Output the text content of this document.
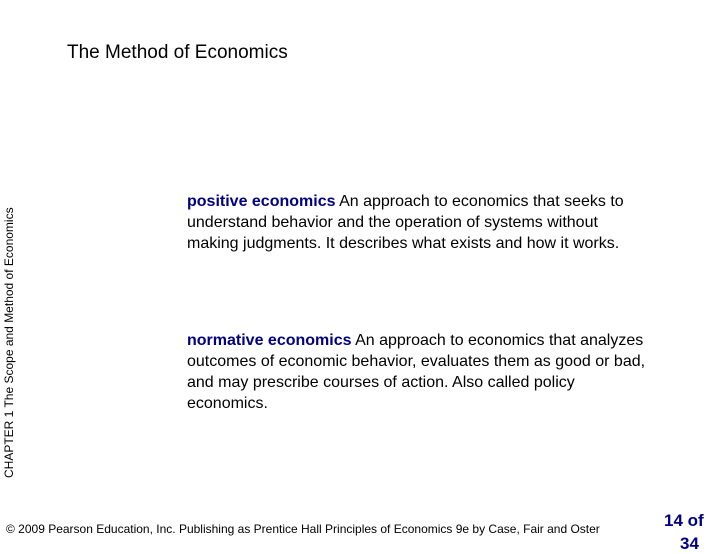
The Method of Economics
CHAPTER 1 The Scope and Method of Economics
positive economics An approach to economics that seeks to understand behavior and the operation of systems without making judgments. It describes what exists and how it works.
normative economics An approach to economics that analyzes outcomes of economic behavior, evaluates them as good or bad, and may prescribe courses of action. Also called policy economics.
© 2009 Pearson Education, Inc. Publishing as Prentice Hall Principles of Economics 9e by Case, Fair and Oster	14 of
34
